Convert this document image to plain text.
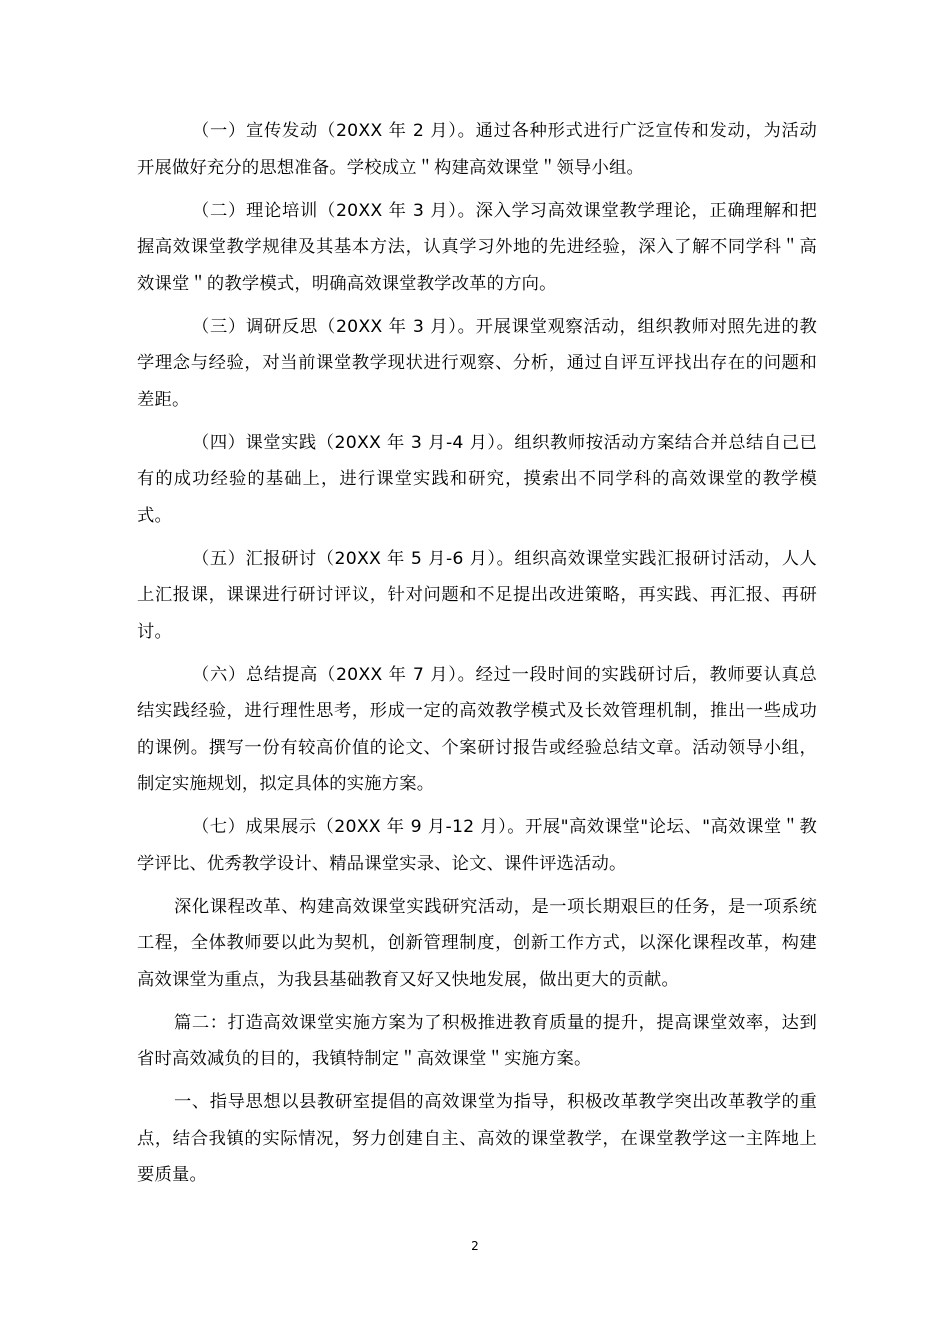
（一）宣传发动（20XX 年 2 月）。通过各种形式进行广泛宣传和发动，为活动开展做好充分的思想准备。学校成立＂构建高效课堂＂领导小组。

（二）理论培训（20XX 年 3 月）。深入学习高效课堂教学理论，正确理解和把握高效课堂教学规律及其基本方法，认真学习外地的先进经验，深入了解不同学科＂高效课堂＂的教学模式，明确高效课堂教学改革的方向。

（三）调研反思（20XX 年 3 月）。开展课堂观察活动，组织教师对照先进的教学理念与经验，对当前课堂教学现状进行观察、分析，通过自评互评找出存在的问题和差距。

（四）课堂实践（20XX 年 3 月-4 月）。组织教师按活动方案结合并总结自己已有的成功经验的基础上，进行课堂实践和研究，摸索出不同学科的高效课堂的教学模式。

（五）汇报研讨（20XX 年 5 月-6 月）。组织高效课堂实践汇报研讨活动，人人上汇报课，课课进行研讨评议，针对问题和不足提出改进策略，再实践、再汇报、再研讨。

（六）总结提高（20XX 年 7 月）。经过一段时间的实践研讨后，教师要认真总结实践经验，进行理性思考，形成一定的高效教学模式及长效管理机制，推出一些成功的课例。撰写一份有较高价值的论文、个案研讨报告或经验总结文章。活动领导小组，制定实施规划，拟定具体的实施方案。

（七）成果展示（20XX 年 9 月-12 月）。开展"高效课堂"论坛、"高效课堂＂教学评比、优秀教学设计、精品课堂实录、论文、课件评选活动。

深化课程改革、构建高效课堂实践研究活动，是一项长期艰巨的任务，是一项系统工程，全体教师要以此为契机，创新管理制度，创新工作方式，以深化课程改革，构建高效课堂为重点，为我县基础教育又好又快地发展，做出更大的贡献。

篇二：打造高效课堂实施方案为了积极推进教育质量的提升，提高课堂效率，达到省时高效减负的目的，我镇特制定＂高效课堂＂实施方案。

一、指导思想以县教研室提倡的高效课堂为指导，积极改革教学突出改革教学的重点，结合我镇的实际情况，努力创建自主、高效的课堂教学，在课堂教学这一主阵地上要质量。

2
